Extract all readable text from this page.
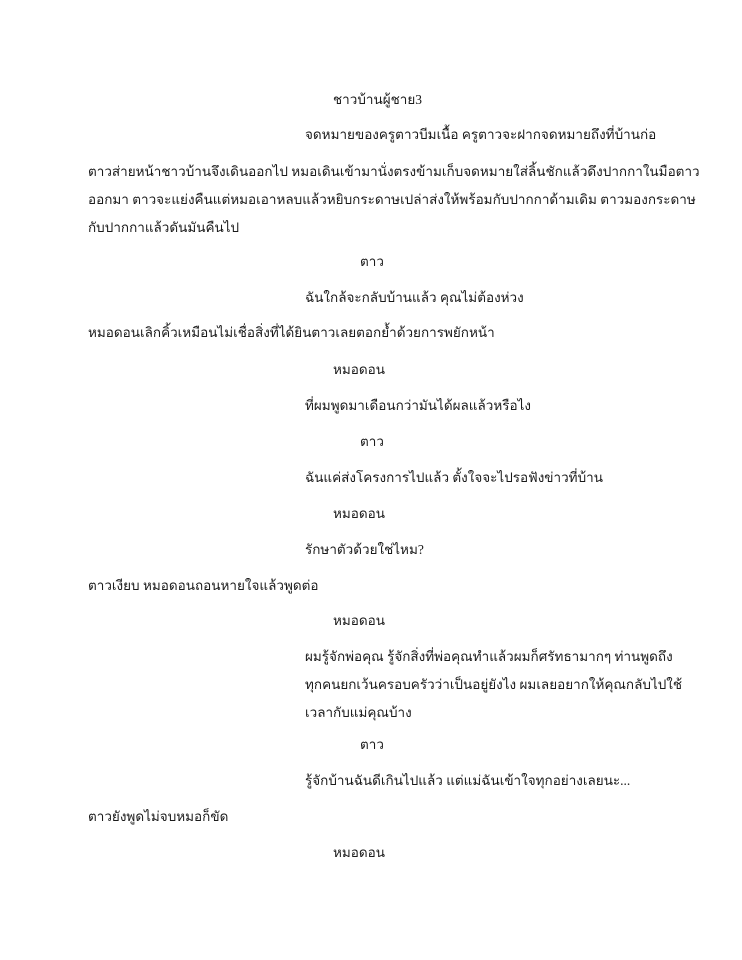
ชาวบ้านผู้ชาย3
จดหมายของครูตาวบีมเนื้อ ครูตาวจะฝากจดหมายถึงที่บ้านก่อ
ตาวส่ายหน้าชาวบ้านจึงเดินออกไป หมอเดินเข้ามานั่งตรงข้ามเก็บจดหมายใส่ลิ้นชักแล้วดึงปากกาในมือตาว
ออกมา ตาวจะแย่งคืนแต่หมอเอาหลบแล้วหยิบกระดาษเปล่าส่งให้พร้อมกับปากกาด้ามเดิม ตาวมองกระดาษ
กับปากกาแล้วดันมันคืนไป
ตาว
ฉันใกล้จะกลับบ้านแล้ว คุณไม่ต้องห่วง
หมอดอนเลิกคิ้วเหมือนไม่เชื่อสิ่งที่ได้ยินตาวเลยตอกย้ำด้วยการพยักหน้า
หมอดอน
ที่ผมพูดมาเดือนกว่ามันได้ผลแล้วหรือไง
ตาว
ฉันแค่ส่งโครงการไปแล้ว ตั้งใจจะไปรอฟังข่าวที่บ้าน
หมอดอน
รักษาตัวด้วยใช่ไหม?
ตาวเงียบ หมอดอนถอนหายใจแล้วพูดต่อ
หมอดอน
ผมรู้จักพ่อคุณ รู้จักสิ่งที่พ่อคุณทำแล้วผมก็ศรัทธามากๆ ท่านพูดถึง
ทุกคนยกเว้นครอบครัวว่าเป็นอยู่ยังไง ผมเลยอยากให้คุณกลับไปใช้
เวลากับแม่คุณบ้าง
ตาว
รู้จักบ้านฉันดีเกินไปแล้ว แต่แม่ฉันเข้าใจทุกอย่างเลยนะ...
ตาวยังพูดไม่จบหมอก็ขัด
หมอดอน
